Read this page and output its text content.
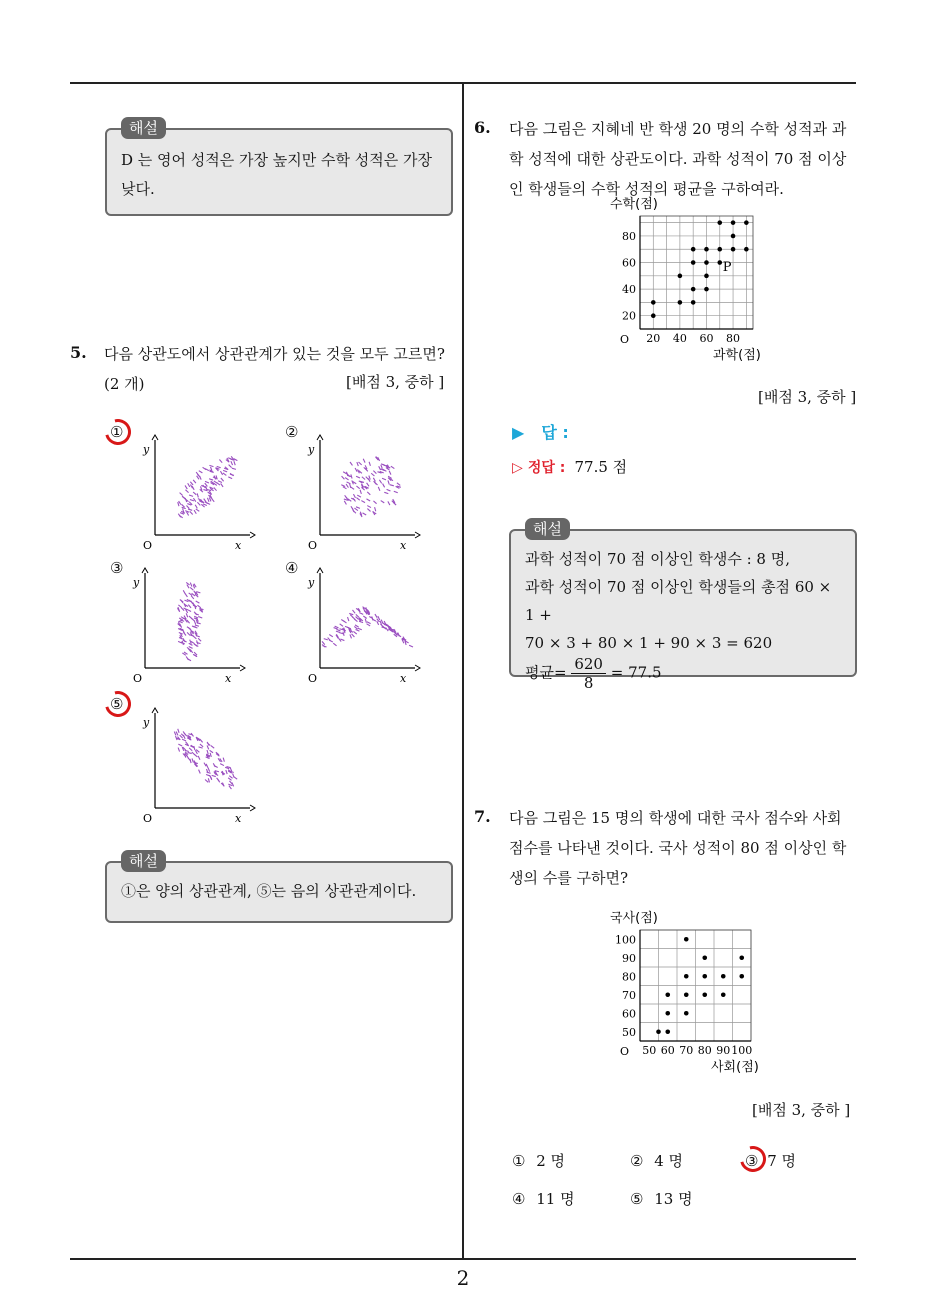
2
해설
D 는 영어 성적은 가장 높지만 수학 성적은 가장 낮다.
5. 다음 상관도에서 상관관계가 있는 것을 모두 고르면?
(2 개)	[배점 3, 중하 ]
O	x
y
O	x
y
O	x
y
O	x
y
O	x
y
①	②
③	④
⑤
해설
①은 양의 상관관계, ⑤는 음의 상관관계이다.
6. 다음 그림은 지혜네 반 학생 20 명의 수학 성적과 과학 성적에 대한 상관도이다. 과학 성적이 70 점 이상인 학생들의 수학 성적의 평균을 구하여라.
20 40 60 80
20
40
60
80
O
수학(점)
과학(점)
P
[배점 3, 중하 ]
▶ 답 :
▷ 정답 : 77.5 점
해설
과학 성적이 70 점 이상인 학생수 : 8 명,
과학 성적이 70 점 이상인 학생들의 총점 60 × 1 +
70 × 3 + 80 × 1 + 90 × 3 = 620
평균= $\frac{620}{8} = 77.5$
7. 다음 그림은 15 명의 학생에 대한 국사 점수와 사회 점수를 나타낸 것이다. 국사 성적이 80 점 이상인 학생의 수를 구하면?
50 60 70 80 90 100
50
60
70
80
90
100
O
국사(점)
사회(점)
[배점 3, 중하 ]
① 2 명	② 4 명	③ 7 명
④ 11 명	⑤ 13 명
